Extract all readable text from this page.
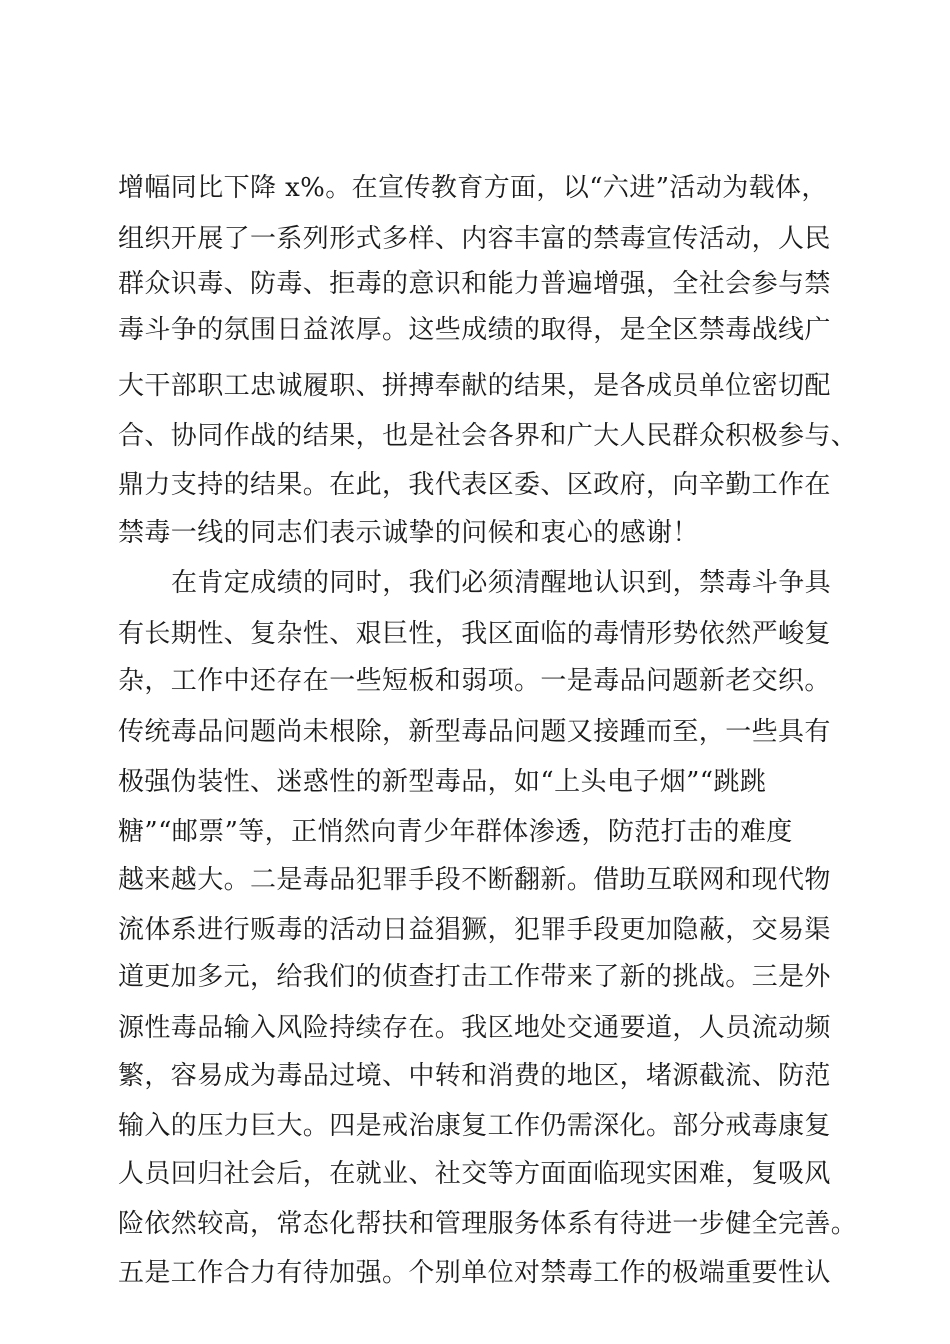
增幅同比下降 x%。在宣传教育方面，以“六进”活动为载体，

组织开展了一系列形式多样、内容丰富的禁毒宣传活动，人民

群众识毒、防毒、拒毒的意识和能力普遍增强，全社会参与禁

毒斗争的氛围日益浓厚。这些成绩的取得，是全区禁毒战线广

大干部职工忠诚履职、拼搏奉献的结果，是各成员单位密切配

合、协同作战的结果，也是社会各界和广大人民群众积极参与、

鼎力支持的结果。在此，我代表区委、区政府，向辛勤工作在

禁毒一线的同志们表示诚挚的问候和衷心的感谢！

在肯定成绩的同时，我们必须清醒地认识到，禁毒斗争具

有长期性、复杂性、艰巨性，我区面临的毒情形势依然严峻复

杂，工作中还存在一些短板和弱项。一是毒品问题新老交织。

传统毒品问题尚未根除，新型毒品问题又接踵而至，一些具有

极强伪装性、迷惑性的新型毒品，如“上头电子烟”“跳跳

糖”“邮票”等，正悄然向青少年群体渗透，防范打击的难度

越来越大。二是毒品犯罪手段不断翻新。借助互联网和现代物

流体系进行贩毒的活动日益猖獗，犯罪手段更加隐蔽，交易渠

道更加多元，给我们的侦查打击工作带来了新的挑战。三是外

源性毒品输入风险持续存在。我区地处交通要道，人员流动频

繁，容易成为毒品过境、中转和消费的地区，堵源截流、防范

输入的压力巨大。四是戒治康复工作仍需深化。部分戒毒康复

人员回归社会后，在就业、社交等方面面临现实困难，复吸风

险依然较高，常态化帮扶和管理服务体系有待进一步健全完善。

五是工作合力有待加强。个别单位对禁毒工作的极端重要性认
